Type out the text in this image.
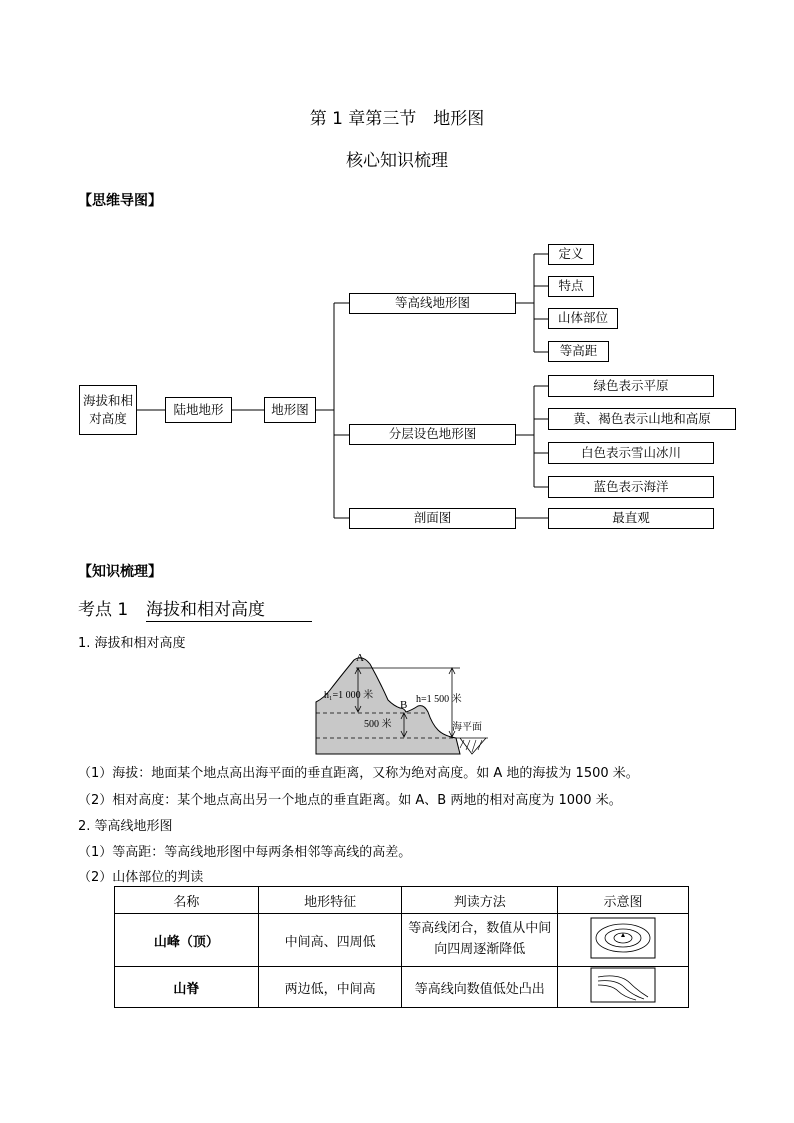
第 1 章第三节　地形图
核心知识梳理
【思维导图】
海拔和相对高度
陆地地形	地形图
等高线地形图
分层设色地形图
剖面图
定义
特点
山体部位
等高距
绿色表示平原
黄、褐色表示山地和高原
白色表示雪山冰川
蓝色表示海洋
最直观
【知识梳理】
考点 1 海拔和相对高度
1. 海拔和相对高度
A
B
h₁=1 000 米	h=1 500 米
500 米	海平面
（1）海拔：地面某个地点高出海平面的垂直距离，又称为绝对高度。如 A 地的海拔为 1500 米。
（2）相对高度：某个地点高出另一个地点的垂直距离。如 A、B 两地的相对高度为 1000 米。
2. 等高线地形图
（1）等高距：等高线地形图中每两条相邻等高线的高差。
（2）山体部位的判读
名称	地形特征	判读方法	示意图
山峰（顶）	中间高、四周低	等高线闭合，数值从中间向四周逐渐降低	
山脊	两边低，中间高	等高线向数值低处凸出	
